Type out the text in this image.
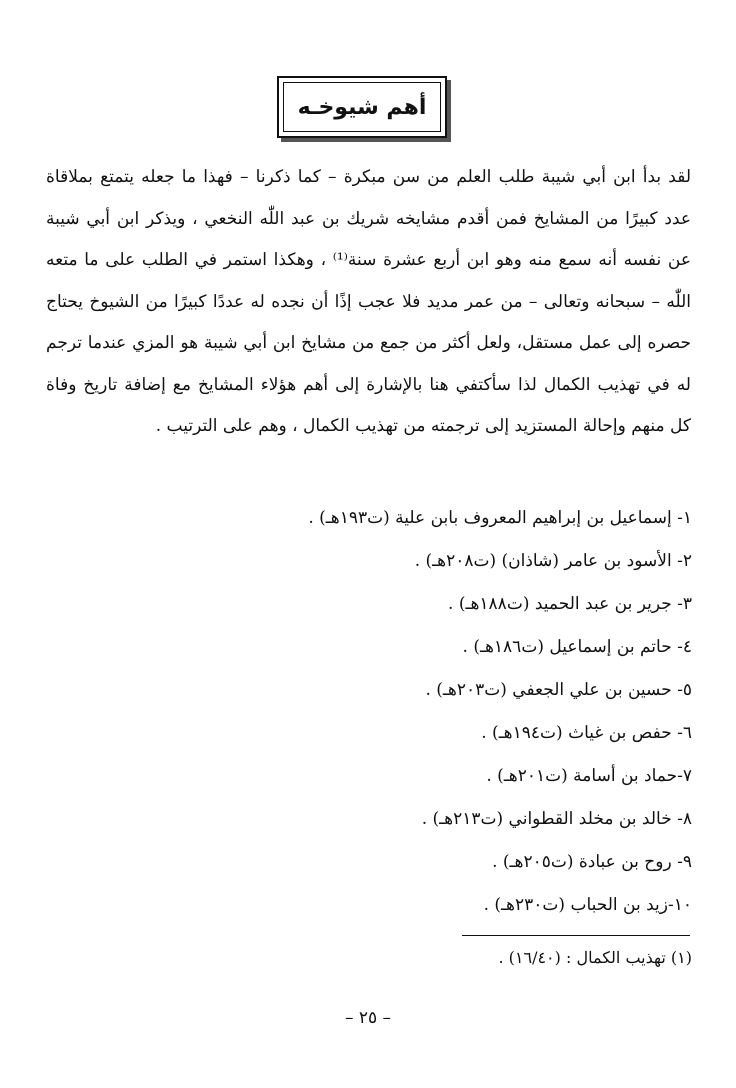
أهم شيوخـه

لقد بدأ ابن أبي شيبة طلب العلم من سن مبكرة – كما ذكرنا – فهذا ما جعله يتمتع بملاقاة عدد كبيرًا من المشايخ فمن أقدم مشايخه شريك بن عبد اللّٰه النخعي ، ويذكر ابن أبي شيبة عن نفسه أنه سمع منه وهو ابن أربع عشرة سنة⁽¹⁾ ، وهكذا استمر في الطلب على ما متعه اللّٰه – سبحانه وتعالى – من عمر مديد فلا عجب إذًا أن نجده له عددًا كبيرًا من الشيوخ يحتاج حصره إلى عمل مستقل، ولعل أكثر من جمع من مشايخ ابن أبي شيبة هو المزي عندما ترجم له في تهذيب الكمال لذا سأكتفي هنا بالإشارة إلى أهم هؤلاء المشايخ مع إضافة تاريخ وفاة كل منهم وإحالة المستزيد إلى ترجمته من تهذيب الكمال ، وهم على الترتيب .

١- إسماعيل بن إبراهيم المعروف بابن علية (ت١٩٣هـ) .
٢- الأسود بن عامر (شاذان) (ت٢٠٨هـ) .
٣- جرير بن عبد الحميد (ت١٨٨هـ) .
٤- حاتم بن إسماعيل (ت١٨٦هـ) .
٥- حسين بن علي الجعفي (ت٢٠٣هـ) .
٦- حفص بن غياث (ت١٩٤هـ) .
٧-حماد بن أسامة (ت٢٠١هـ) .
٨- خالد بن مخلد القطواني (ت٢١٣هـ) .
٩- روح بن عبادة (ت٢٠٥هـ) .
١٠-زيد بن الحباب (ت٢٣٠هـ) .
(١) تهذيب الكمال : (١٦/٤٠) .
– ٢٥ –
